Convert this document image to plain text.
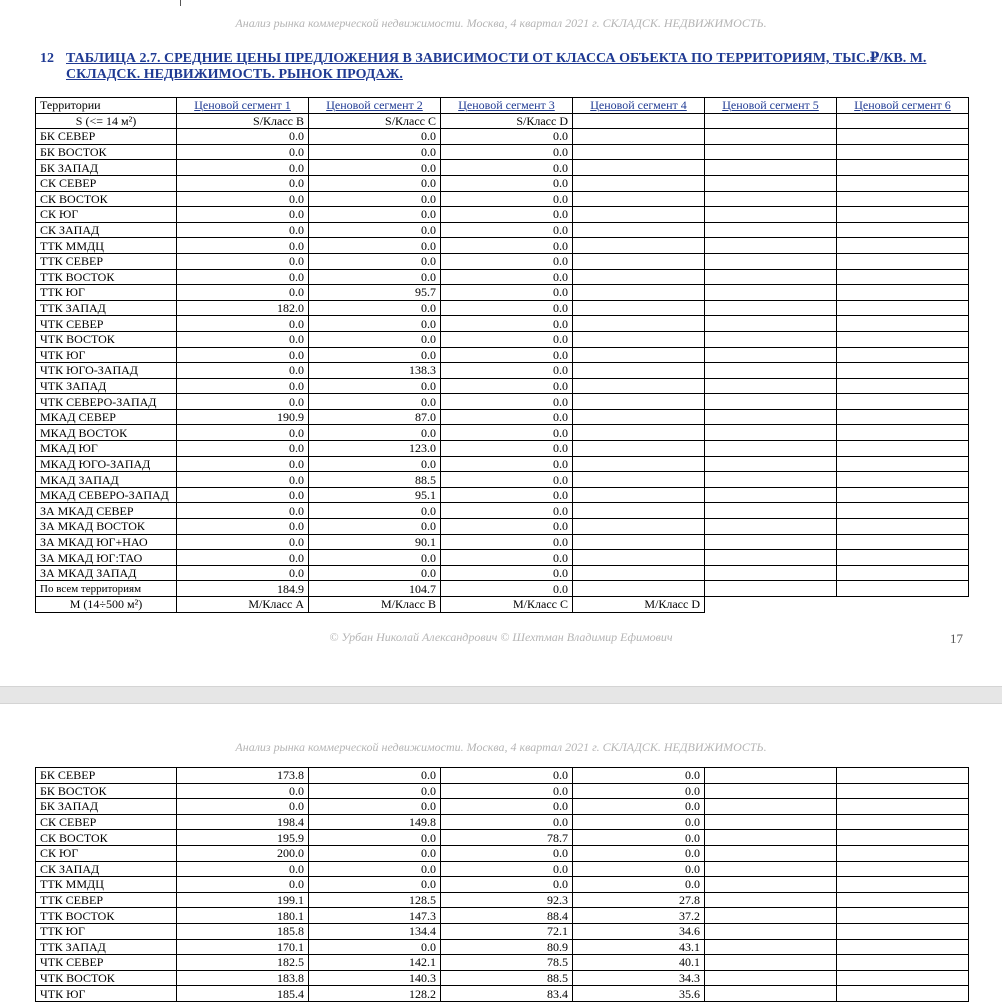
Анализ рынка коммерческой недвижимости. Москва, 4 квартал 2021 г. СКЛАДСК. НЕДВИЖИМОСТЬ.
12 ТАБЛИЦА 2.7. СРЕДНИЕ ЦЕНЫ ПРЕДЛОЖЕНИЯ В ЗАВИСИМОСТИ ОТ КЛАССА ОБЪЕКТА ПО ТЕРРИТОРИЯМ, ТЫС.₽/КВ. М. СКЛАДСК. НЕДВИЖИМОСТЬ. РЫНОК ПРОДАЖ.
Территории	Ценовой сегмент 1	Ценовой сегмент 2	Ценовой сегмент 3	Ценовой сегмент 4	Ценовой сегмент 5	Ценовой сегмент 6
S (<= 14 м²)	S/Класс B	S/Класс C	S/Класс D			
БК СЕВЕР	0.0	0.0	0.0			
БК ВОСТОК	0.0	0.0	0.0			
БК ЗАПАД	0.0	0.0	0.0			
СК СЕВЕР	0.0	0.0	0.0			
СК ВОСТОК	0.0	0.0	0.0			
СК ЮГ	0.0	0.0	0.0			
СК ЗАПАД	0.0	0.0	0.0			
ТТК ММДЦ	0.0	0.0	0.0			
ТТК СЕВЕР	0.0	0.0	0.0			
ТТК ВОСТОК	0.0	0.0	0.0			
ТТК ЮГ	0.0	95.7	0.0			
ТТК ЗАПАД	182.0	0.0	0.0			
ЧТК СЕВЕР	0.0	0.0	0.0			
ЧТК ВОСТОК	0.0	0.0	0.0			
ЧТК ЮГ	0.0	0.0	0.0			
ЧТК ЮГО-ЗАПАД	0.0	138.3	0.0			
ЧТК ЗАПАД	0.0	0.0	0.0			
ЧТК СЕВЕРО-ЗАПАД	0.0	0.0	0.0			
МКАД СЕВЕР	190.9	87.0	0.0			
МКАД ВОСТОК	0.0	0.0	0.0			
МКАД ЮГ	0.0	123.0	0.0			
МКАД ЮГО-ЗАПАД	0.0	0.0	0.0			
МКАД ЗАПАД	0.0	88.5	0.0			
МКАД СЕВЕРО-ЗАПАД	0.0	95.1	0.0			
ЗА МКАД СЕВЕР	0.0	0.0	0.0			
ЗА МКАД ВОСТОК	0.0	0.0	0.0			
ЗА МКАД ЮГ+НАО	0.0	90.1	0.0			
ЗА МКАД ЮГ:ТАО	0.0	0.0	0.0			
ЗА МКАД ЗАПАД	0.0	0.0	0.0			
По всем территориям	184.9	104.7	0.0			
M (14÷500 м²)	M/Класс A	M/Класс B	M/Класс C	M/Класс D		
© Урбан Николай Александрович © Шехтман Владимир Ефимович	17
Анализ рынка коммерческой недвижимости. Москва, 4 квартал 2021 г. СКЛАДСК. НЕДВИЖИМОСТЬ.
БК СЕВЕР	173.8	0.0	0.0	0.0		
БК ВОСТОК	0.0	0.0	0.0	0.0		
БК ЗАПАД	0.0	0.0	0.0	0.0		
СК СЕВЕР	198.4	149.8	0.0	0.0		
СК ВОСТОК	195.9	0.0	78.7	0.0		
СК ЮГ	200.0	0.0	0.0	0.0		
СК ЗАПАД	0.0	0.0	0.0	0.0		
ТТК ММДЦ	0.0	0.0	0.0	0.0		
ТТК СЕВЕР	199.1	128.5	92.3	27.8		
ТТК ВОСТОК	180.1	147.3	88.4	37.2		
ТТК ЮГ	185.8	134.4	72.1	34.6		
ТТК ЗАПАД	170.1	0.0	80.9	43.1		
ЧТК СЕВЕР	182.5	142.1	78.5	40.1		
ЧТК ВОСТОК	183.8	140.3	88.5	34.3		
ЧТК ЮГ	185.4	128.2	83.4	35.6		
